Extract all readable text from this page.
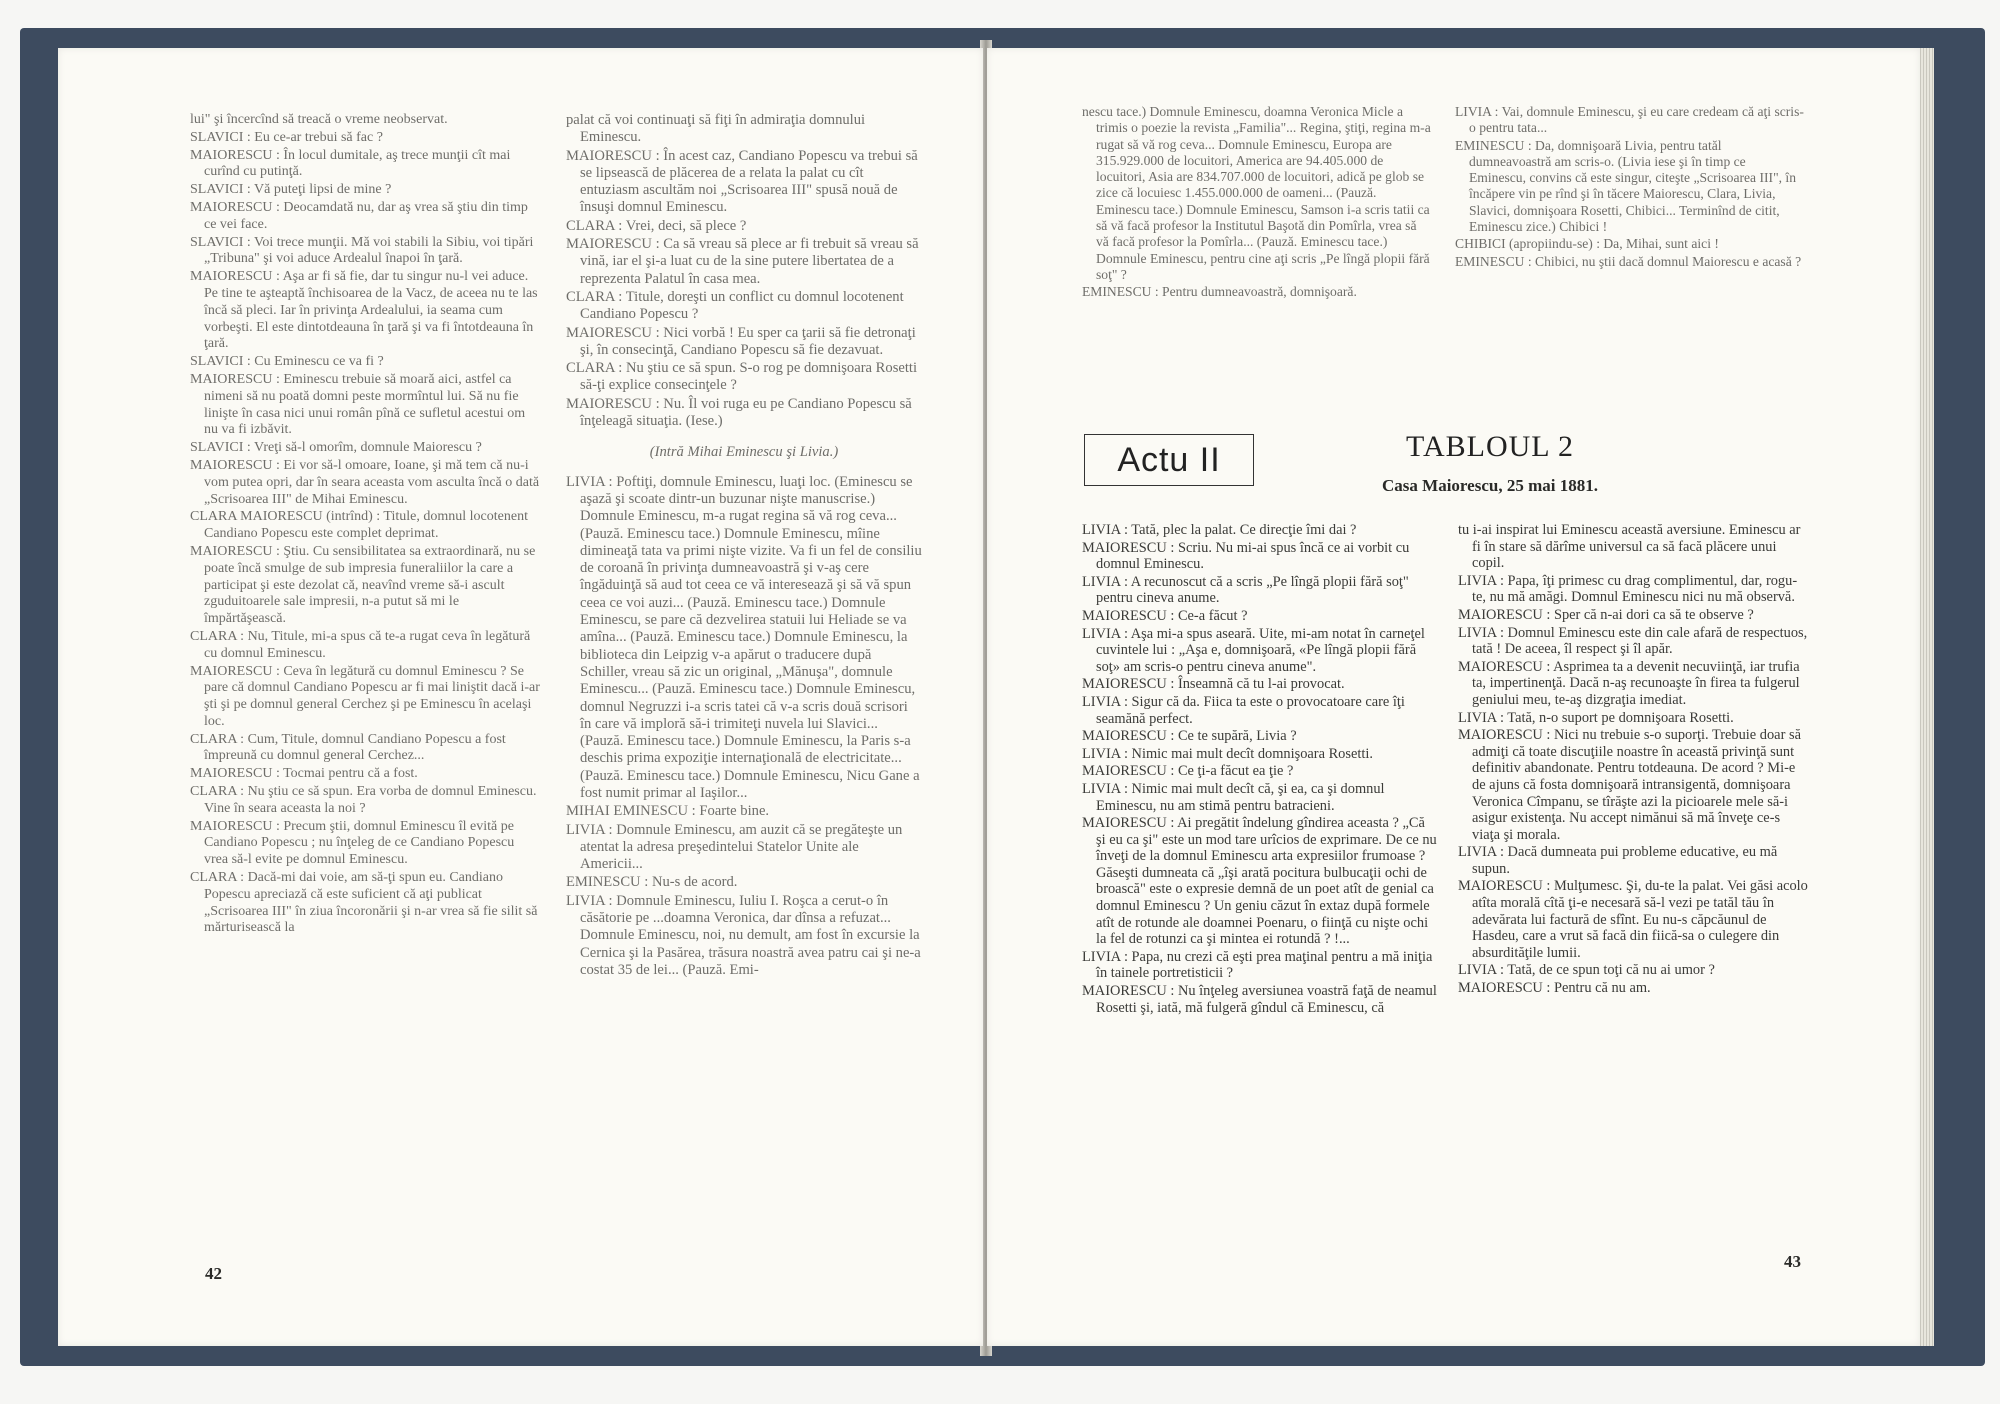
lui" şi încercînd să treacă o vreme neobservat.

SLAVICI : Eu ce-ar trebui să fac ?

MAIORESCU : În locul dumitale, aş trece munţii cît mai curînd cu putinţă.

SLAVICI : Vă puteţi lipsi de mine ?

MAIORESCU : Deocamdată nu, dar aş vrea să ştiu din timp ce vei face.

SLAVICI : Voi trece munţii. Mă voi stabili la Sibiu, voi tipări „Tribuna" şi voi aduce Ardealul înapoi în ţară.

MAIORESCU : Aşa ar fi să fie, dar tu singur nu-l vei aduce. Pe tine te aşteaptă închisoarea de la Vacz, de aceea nu te las încă să pleci. Iar în privinţa Ardealului, ia seama cum vorbeşti. El este dintotdeauna în ţară şi va fi întotdeauna în ţară.

SLAVICI : Cu Eminescu ce va fi ?

MAIORESCU : Eminescu trebuie să moară aici, astfel ca nimeni să nu poată domni peste mormîntul lui. Să nu fie linişte în casa nici unui român pînă ce sufletul acestui om nu va fi izbăvit.

SLAVICI : Vreţi să-l omorîm, domnule Maiorescu ?

MAIORESCU : Ei vor să-l omoare, Ioane, şi mă tem că nu-i vom putea opri, dar în seara aceasta vom asculta încă o dată „Scrisoarea III" de Mihai Eminescu.

CLARA MAIORESCU (intrînd) : Titule, domnul locotenent Candiano Popescu este complet deprimat.

MAIORESCU : Ştiu. Cu sensibilitatea sa extraordinară, nu se poate încă smulge de sub impresia funeraliilor la care a participat şi este dezolat că, neavînd vreme să-i ascult zguduitoarele sale impresii, n-a putut să mi le împărtăşească.

CLARA : Nu, Titule, mi-a spus că te-a rugat ceva în legătură cu domnul Eminescu.

MAIORESCU : Ceva în legătură cu domnul Eminescu ? Se pare că domnul Candiano Popescu ar fi mai liniştit dacă i-ar şti şi pe domnul general Cerchez şi pe Eminescu în acelaşi loc.

CLARA : Cum, Titule, domnul Candiano Popescu a fost împreună cu domnul general Cerchez...

MAIORESCU : Tocmai pentru că a fost.

CLARA : Nu ştiu ce să spun. Era vorba de domnul Eminescu. Vine în seara aceasta la noi ?

MAIORESCU : Precum ştii, domnul Eminescu îl evită pe Candiano Popescu ; nu înţeleg de ce Candiano Popescu vrea să-l evite pe domnul Eminescu.

CLARA : Dacă-mi dai voie, am să-ţi spun eu. Candiano Popescu apreciază că este suficient că aţi publicat „Scrisoarea III" în ziua încoronării şi n-ar vrea să fie silit să mărturisească la

palat că voi continuaţi să fiţi în admiraţia domnului Eminescu.

MAIORESCU : În acest caz, Candiano Popescu va trebui să se lipsească de plăcerea de a relata la palat cu cît entuziasm ascultăm noi „Scrisoarea III" spusă nouă de însuşi domnul Eminescu.

CLARA : Vrei, deci, să plece ?

MAIORESCU : Ca să vreau să plece ar fi trebuit să vreau să vină, iar el şi-a luat cu de la sine putere libertatea de a reprezenta Palatul în casa mea.

CLARA : Titule, doreşti un conflict cu domnul locotenent Candiano Popescu ?

MAIORESCU : Nici vorbă ! Eu sper ca ţarii să fie detronaţi şi, în consecinţă, Candiano Popescu să fie dezavuat.

CLARA : Nu ştiu ce să spun. S-o rog pe domnişoara Rosetti să-ţi explice consecinţele ?

MAIORESCU : Nu. Îl voi ruga eu pe Candiano Popescu să înţeleagă situaţia. (Iese.)

(Intră Mihai Eminescu şi Livia.)

LIVIA : Poftiţi, domnule Eminescu, luaţi loc. (Eminescu se aşază şi scoate dintr-un buzunar nişte manuscrise.) Domnule Eminescu, m-a rugat regina să vă rog ceva... (Pauză. Eminescu tace.) Domnule Eminescu, mîine dimineaţă tata va primi nişte vizite. Va fi un fel de consiliu de coroană în privinţa dumneavoastră şi v-aş cere îngăduinţă să aud tot ceea ce vă interesează şi să vă spun ceea ce voi auzi... (Pauză. Eminescu tace.) Domnule Eminescu, se pare că dezvelirea statuii lui Heliade se va amîna... (Pauză. Eminescu tace.) Domnule Eminescu, la biblioteca din Leipzig v-a apărut o traducere după Schiller, vreau să zic un original, „Mănuşa", domnule Eminescu... (Pauză. Eminescu tace.) Domnule Eminescu, domnul Negruzzi i-a scris tatei că v-a scris două scrisori în care vă imploră să-i trimiteţi nuvela lui Slavici... (Pauză. Eminescu tace.) Domnule Eminescu, la Paris s-a deschis prima expoziţie internaţională de electricitate... (Pauză. Eminescu tace.) Domnule Eminescu, Nicu Gane a fost numit primar al Iaşilor...

MIHAI EMINESCU : Foarte bine.

LIVIA : Domnule Eminescu, am auzit că se pregăteşte un atentat la adresa preşedintelui Statelor Unite ale Americii...

EMINESCU : Nu-s de acord.

LIVIA : Domnule Eminescu, Iuliu I. Roşca a cerut-o în căsătorie pe ...doamna Veronica, dar dînsa a refuzat... Domnule Eminescu, noi, nu demult, am fost în excursie la Cernica şi la Pasărea, trăsura noastră avea patru cai şi ne-a costat 35 de lei... (Pauză. Emi-

42

nescu tace.) Domnule Eminescu, doamna Veronica Micle a trimis o poezie la revista „Familia"... Regina, ştiţi, regina m-a rugat să vă rog ceva... Domnule Eminescu, Europa are 315.929.000 de locuitori, America are 94.405.000 de locuitori, Asia are 834.707.000 de locuitori, adică pe glob se zice că locuiesc 1.455.000.000 de oameni... (Pauză. Eminescu tace.) Domnule Eminescu, Samson i-a scris tatii ca să vă facă profesor la Institutul Başotă din Pomîrla, vrea să vă facă profesor la Pomîrla... (Pauză. Eminescu tace.) Domnule Eminescu, pentru cine aţi scris „Pe lîngă plopii fără soţ" ?

EMINESCU : Pentru dumneavoastră, domnişoară.

LIVIA : Vai, domnule Eminescu, şi eu care credeam că aţi scris-o pentru tata...

EMINESCU : Da, domnişoară Livia, pentru tatăl dumneavoastră am scris-o. (Livia iese şi în timp ce Eminescu, convins că este singur, citeşte „Scrisoarea III", în încăpere vin pe rînd şi în tăcere Maiorescu, Clara, Livia, Slavici, domnişoara Rosetti, Chibici... Terminînd de citit, Eminescu zice.) Chibici !

CHIBICI (apropiindu-se) : Da, Mihai, sunt aici !

EMINESCU : Chibici, nu ştii dacă domnul Maiorescu e acasă ?

Actu II	TABLOUL 2
Casa Maiorescu, 25 mai 1881.

LIVIA : Tată, plec la palat. Ce direcţie îmi dai ?

MAIORESCU : Scriu. Nu mi-ai spus încă ce ai vorbit cu domnul Eminescu.

LIVIA : A recunoscut că a scris „Pe lîngă plopii fără soţ" pentru cineva anume.

MAIORESCU : Ce-a făcut ?

LIVIA : Aşa mi-a spus aseară. Uite, mi-am notat în carneţel cuvintele lui : „Aşa e, domnişoară, «Pe lîngă plopii fără soţ» am scris-o pentru cineva anume".

MAIORESCU : Înseamnă că tu l-ai provocat.

LIVIA : Sigur că da. Fiica ta este o provocatoare care îţi seamănă perfect.

MAIORESCU : Ce te supără, Livia ?

LIVIA : Nimic mai mult decît domnişoara Rosetti.

MAIORESCU : Ce ţi-a făcut ea ţie ?

LIVIA : Nimic mai mult decît că, şi ea, ca şi domnul Eminescu, nu am stimă pentru batracieni.

MAIORESCU : Ai pregătit îndelung gîndirea aceasta ? „Că şi eu ca şi" este un mod tare urîcios de exprimare. De ce nu înveţi de la domnul Eminescu arta expresiilor frumoase ? Găseşti dumneata că „îşi arată pocitura bulbucaţii ochi de broască" este o expresie demnă de un poet atît de genial ca domnul Eminescu ? Un geniu căzut în extaz după formele atît de rotunde ale doamnei Poenaru, o fiinţă cu nişte ochi la fel de rotunzi ca şi mintea ei rotundă ? !...

LIVIA : Papa, nu crezi că eşti prea maţinal pentru a mă iniţia în tainele portretisticii ?

MAIORESCU : Nu înţeleg aversiunea voastră faţă de neamul Rosetti şi, iată, mă fulgeră gîndul că Eminescu, că

tu i-ai inspirat lui Eminescu această aversiune. Eminescu ar fi în stare să dărîme universul ca să facă plăcere unui copil.

LIVIA : Papa, îţi primesc cu drag complimentul, dar, rogu-te, nu mă amăgi. Domnul Eminescu nici nu mă observă.

MAIORESCU : Sper că n-ai dori ca să te observe ?

LIVIA : Domnul Eminescu este din cale afară de respectuos, tată ! De aceea, îl respect şi îl apăr.

MAIORESCU : Asprimea ta a devenit necuviinţă, iar trufia ta, impertinenţă. Dacă n-aş recunoaşte în firea ta fulgerul geniului meu, te-aş dizgraţia imediat.

LIVIA : Tată, n-o suport pe domnişoara Rosetti.

MAIORESCU : Nici nu trebuie s-o suporţi. Trebuie doar să admiţi că toate discuţiile noastre în această privinţă sunt definitiv abandonate. Pentru totdeauna. De acord ? Mi-e de ajuns că fosta domnişoară intransigentă, domnişoara Veronica Cîmpanu, se tîrăşte azi la picioarele mele să-i asigur existenţa. Nu accept nimănui să mă înveţe ce-s viaţa şi morala.

LIVIA : Dacă dumneata pui probleme educative, eu mă supun.

MAIORESCU : Mulţumesc. Şi, du-te la palat. Vei găsi acolo atîta morală cîtă ţi-e necesară să-l vezi pe tatăl tău în adevărata lui factură de sfînt. Eu nu-s căpcăunul de Hasdeu, care a vrut să facă din fiică-sa o culegere din absurdităţile lumii.

LIVIA : Tată, de ce spun toţi că nu ai umor ?

MAIORESCU : Pentru că nu am.

43
